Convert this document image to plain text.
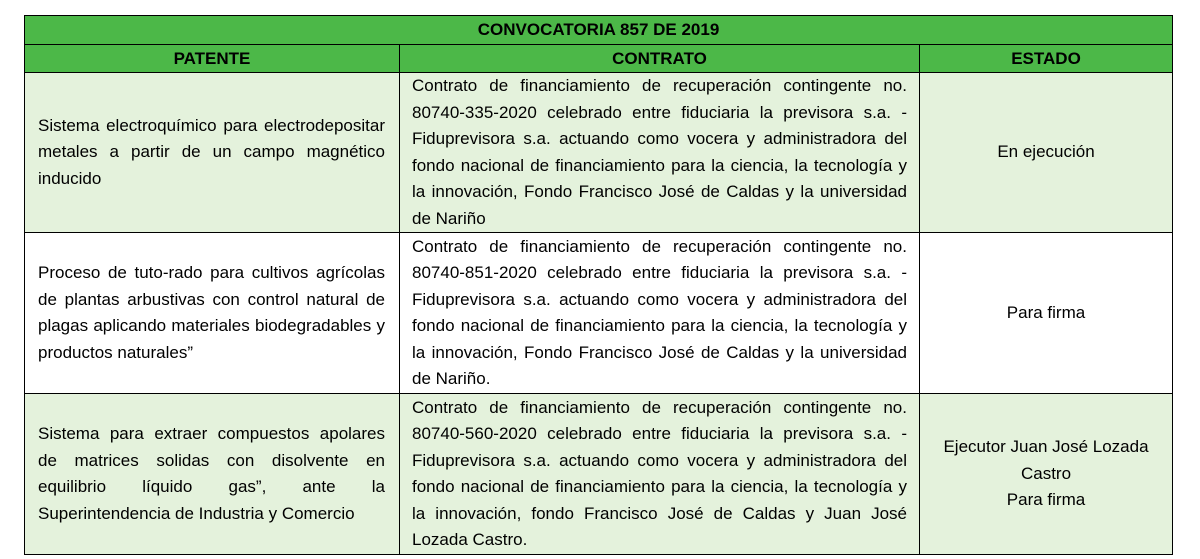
CONVOCATORIA 857 DE 2019		
PATENTE	CONTRATO	ESTADO
Sistema electroquímico para electrodepositar metales a partir de un campo magnético inducido	Contrato de financiamiento de recuperación contingente no. 80740-335-2020 celebrado entre fiduciaria la previsora s.a. - Fiduprevisora s.a. actuando como vocera y administradora del fondo nacional de financiamiento para la ciencia, la tecnología y la innovación, Fondo Francisco José de Caldas y la universidad de Nariño	En ejecución

Proceso de tuto-rado para cultivos agrícolas de plantas arbustivas con control natural de plagas aplicando materiales biodegradables y productos naturales”	Contrato de financiamiento de recuperación contingente no. 80740-851-2020 celebrado entre fiduciaria la previsora s.a. - Fiduprevisora s.a. actuando como vocera y administradora del fondo nacional de financiamiento para la ciencia, la tecnología y la innovación, Fondo Francisco José de Caldas y la universidad de Nariño.	Para firma

Sistema para extraer compuestos apolares de matrices solidas con disolvente en equilibrio líquido gas”, ante la Superintendencia de Industria y Comercio	Contrato de financiamiento de recuperación contingente no. 80740-560-2020 celebrado entre fiduciaria la previsora s.a. - Fiduprevisora s.a. actuando como vocera y administradora del fondo nacional de financiamiento para la ciencia, la tecnología y la innovación, fondo Francisco José de Caldas y Juan José Lozada Castro.	Ejecutor Juan José Lozada Castro
Para firma
